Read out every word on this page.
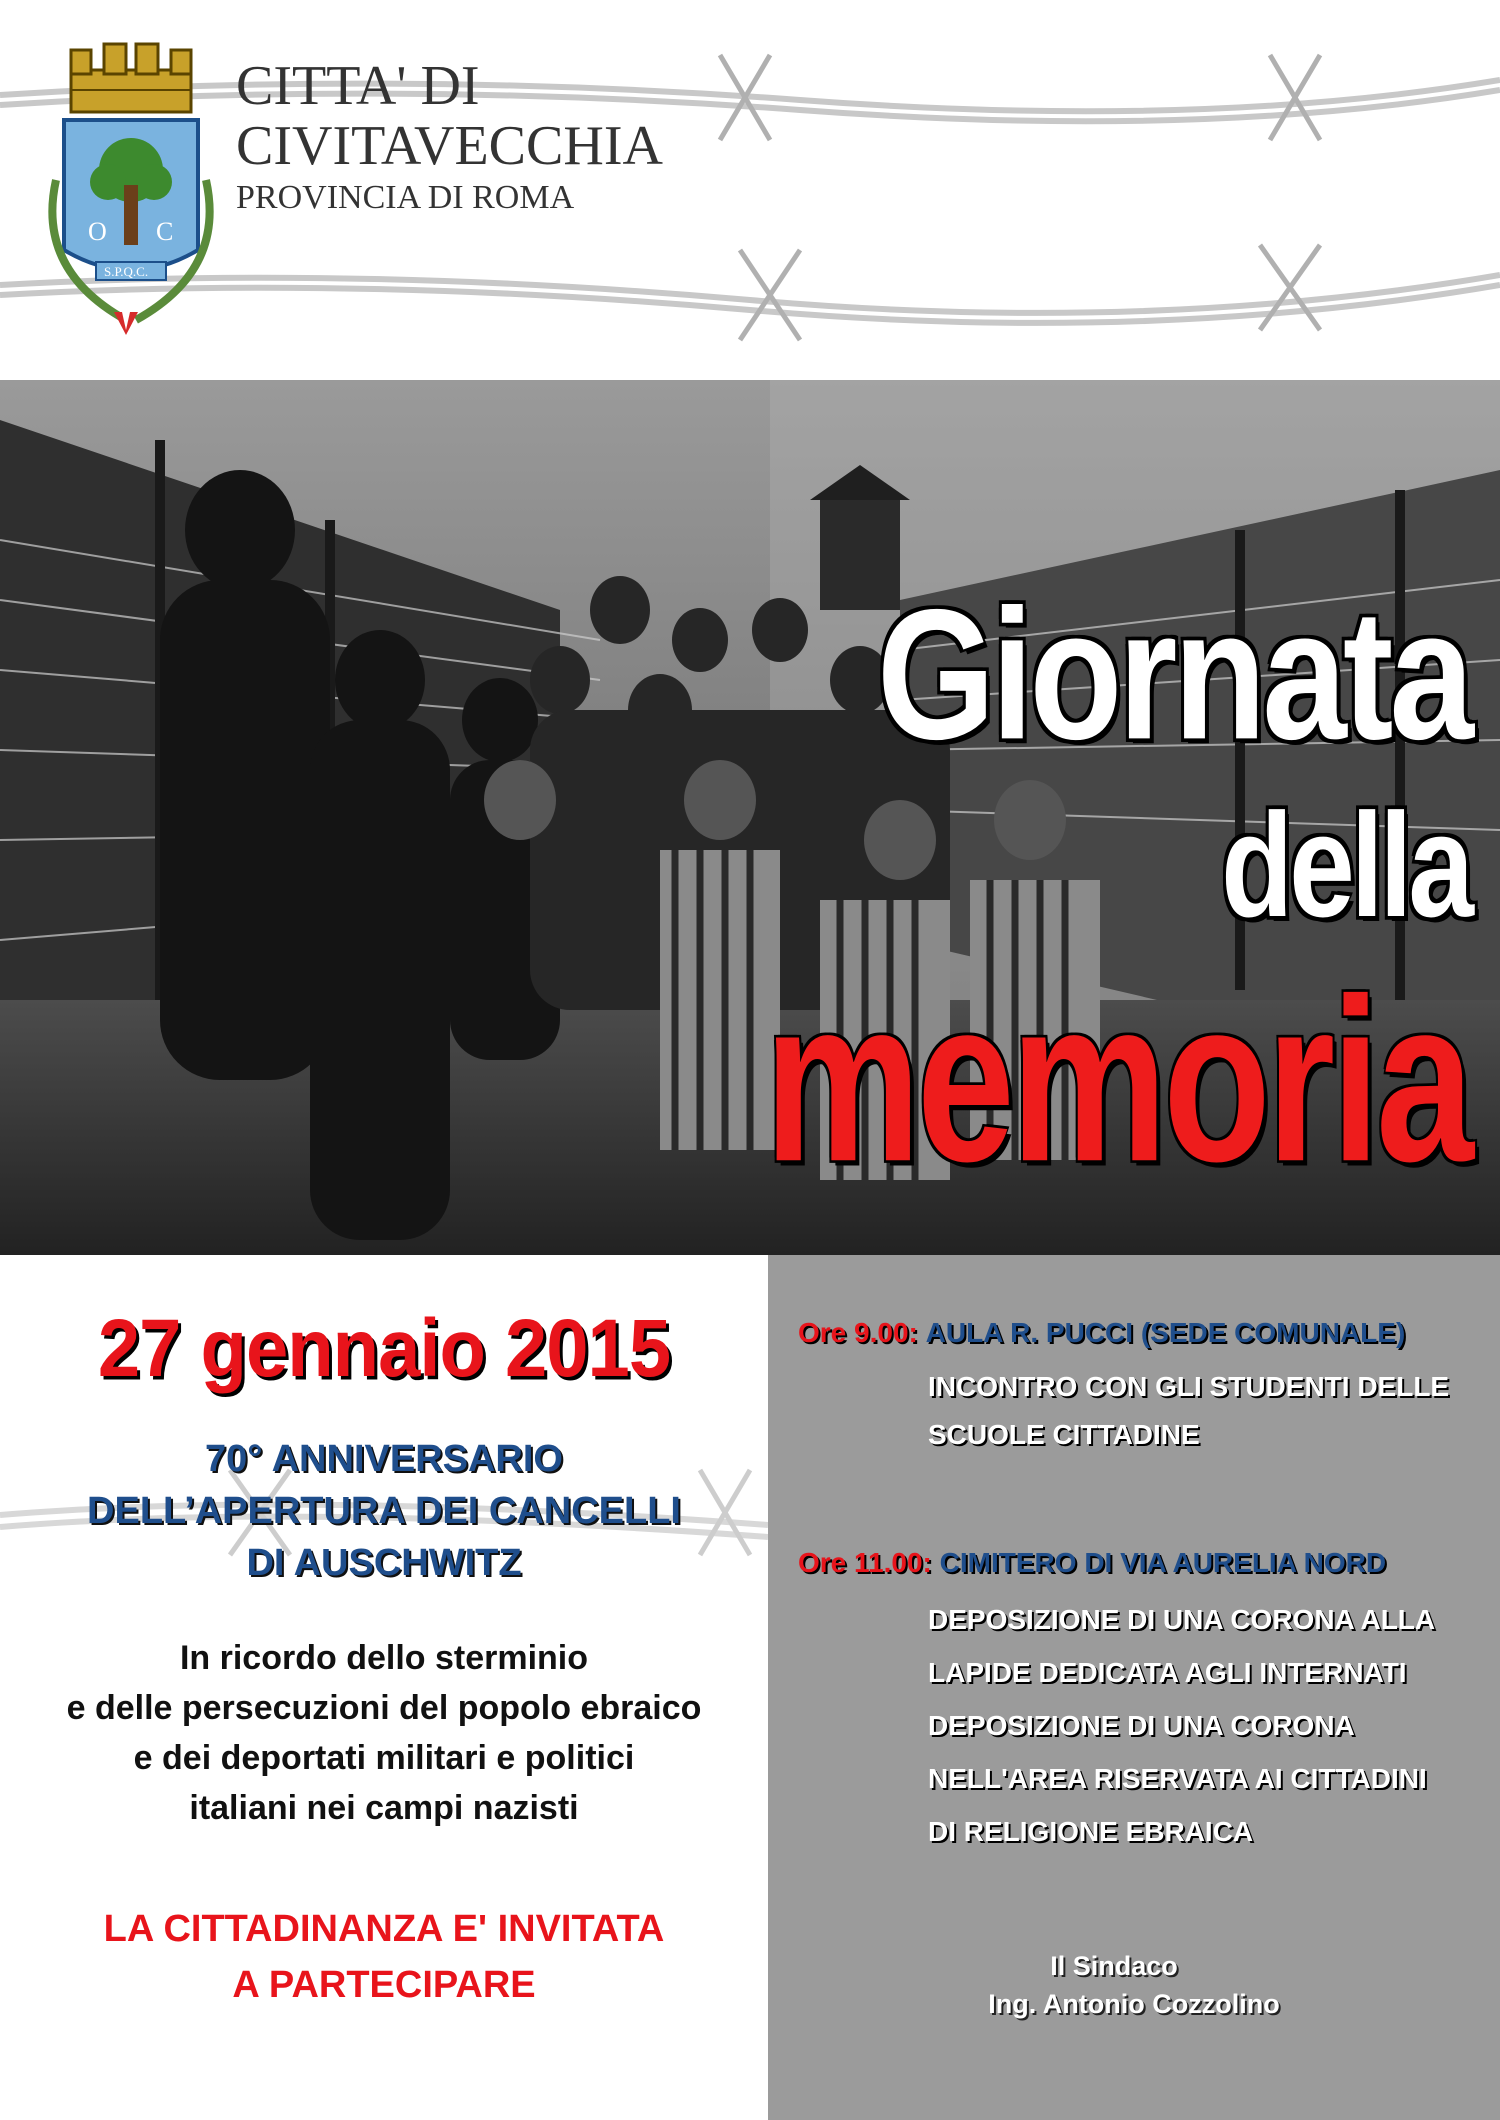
O C
S.P.Q.C.
CITTA' DI
CIVITAVECCHIA
PROVINCIA DI ROMA
Giornata
della
memoria
27 gennaio 2015
70° ANNIVERSARIO
DELL’APERTURA DEI CANCELLI
DI AUSCHWITZ
In ricordo dello sterminio
e delle persecuzioni del popolo ebraico
e dei deportati militari e politici
italiani nei campi nazisti
LA CITTADINANZA E' INVITATA
A PARTECIPARE
Ore 9.00: AULA R. PUCCI (SEDE COMUNALE)
INCONTRO CON GLI STUDENTI DELLE
SCUOLE CITTADINE
Ore 11.00: CIMITERO DI VIA AURELIA NORD
DEPOSIZIONE DI UNA CORONA ALLA
LAPIDE DEDICATA AGLI INTERNATI
DEPOSIZIONE DI UNA CORONA
NELL'AREA RISERVATA AI CITTADINI
DI RELIGIONE EBRAICA
Il Sindaco
Ing. Antonio Cozzolino
